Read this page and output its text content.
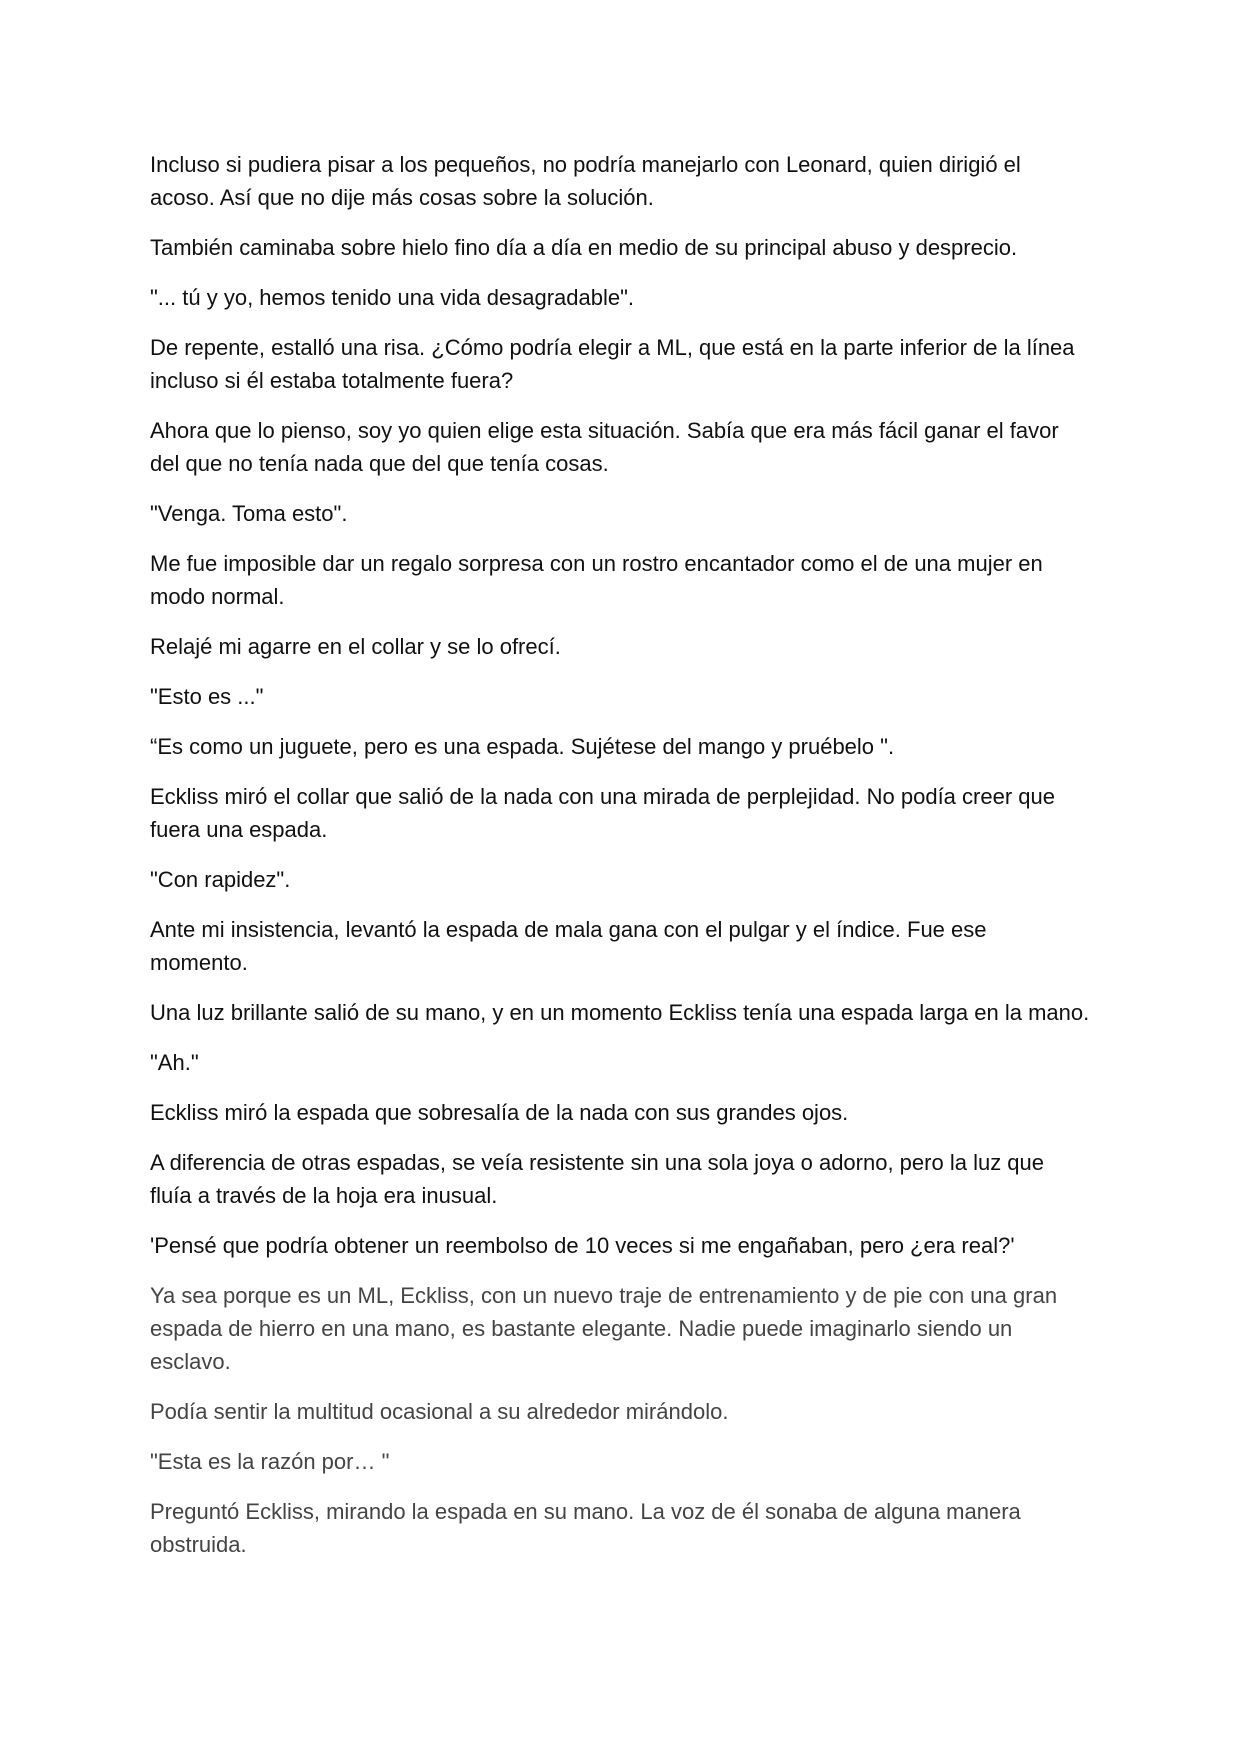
Incluso si pudiera pisar a los pequeños, no podría manejarlo con Leonard, quien dirigió el acoso. Así que no dije más cosas sobre la solución.

También caminaba sobre hielo fino día a día en medio de su principal abuso y desprecio.

"... tú y yo, hemos tenido una vida desagradable".

De repente, estalló una risa. ¿Cómo podría elegir a ML, que está en la parte inferior de la línea incluso si él estaba totalmente fuera?

Ahora que lo pienso, soy yo quien elige esta situación. Sabía que era más fácil ganar el favor del que no tenía nada que del que tenía cosas.

"Venga. Toma esto".

Me fue imposible dar un regalo sorpresa con un rostro encantador como el de una mujer en modo normal.

Relajé mi agarre en el collar y se lo ofrecí.

"Esto es ..."

“Es como un juguete, pero es una espada. Sujétese del mango y pruébelo ".

Eckliss miró el collar que salió de la nada con una mirada de perplejidad. No podía creer que fuera una espada.

"Con rapidez".

Ante mi insistencia, levantó la espada de mala gana con el pulgar y el índice. Fue ese momento.

Una luz brillante salió de su mano, y en un momento Eckliss tenía una espada larga en la mano.

"Ah."

Eckliss miró la espada que sobresalía de la nada con sus grandes ojos.

A diferencia de otras espadas, se veía resistente sin una sola joya o adorno, pero la luz que fluía a través de la hoja era inusual.

'Pensé que podría obtener un reembolso de 10 veces si me engañaban, pero ¿era real?'

Ya sea porque es un ML, Eckliss, con un nuevo traje de entrenamiento y de pie con una gran espada de hierro en una mano, es bastante elegante. Nadie puede imaginarlo siendo un esclavo.

Podía sentir la multitud ocasional a su alrededor mirándolo.

"Esta es la razón por… "

Preguntó Eckliss, mirando la espada en su mano. La voz de él sonaba de alguna manera obstruida.
